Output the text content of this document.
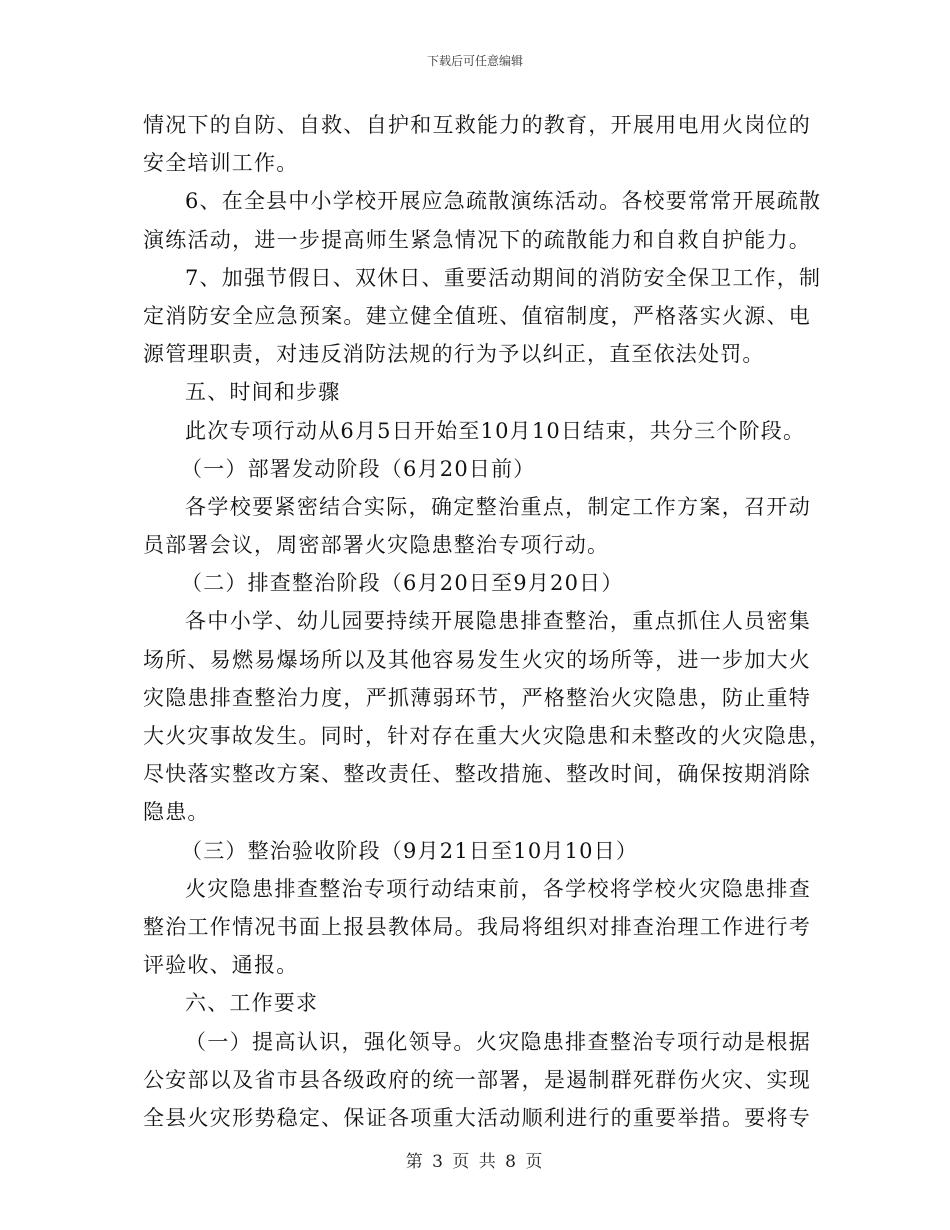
下载后可任意编辑
情况下的自防、自救、自护和互救能力的教育，开展用电用火岗位的
安全培训工作。
6、在全县中小学校开展应急疏散演练活动。各校要常常开展疏散
演练活动，进一步提高师生紧急情况下的疏散能力和自救自护能力。
7、加强节假日、双休日、重要活动期间的消防安全保卫工作，制
定消防安全应急预案。建立健全值班、值宿制度，严格落实火源、电
源管理职责，对违反消防法规的行为予以纠正，直至依法处罚。
五、时间和步骤
此次专项行动从6月5日开始至10月10日结束，共分三个阶段。
（一）部署发动阶段（6月20日前）
各学校要紧密结合实际，确定整治重点，制定工作方案，召开动
员部署会议，周密部署火灾隐患整治专项行动。
（二）排查整治阶段（6月20日至9月20日）
各中小学、幼儿园要持续开展隐患排查整治，重点抓住人员密集
场所、易燃易爆场所以及其他容易发生火灾的场所等，进一步加大火
灾隐患排查整治力度，严抓薄弱环节，严格整治火灾隐患，防止重特
大火灾事故发生。同时，针对存在重大火灾隐患和未整改的火灾隐患，
尽快落实整改方案、整改责任、整改措施、整改时间，确保按期消除
隐患。
（三）整治验收阶段（9月21日至10月10日）
火灾隐患排查整治专项行动结束前，各学校将学校火灾隐患排查
整治工作情况书面上报县教体局。我局将组织对排查治理工作进行考
评验收、通报。
六、工作要求
（一）提高认识，强化领导。火灾隐患排查整治专项行动是根据
公安部以及省市县各级政府的统一部署，是遏制群死群伤火灾、实现
全县火灾形势稳定、保证各项重大活动顺利进行的重要举措。要将专
第 3 页 共 8 页
